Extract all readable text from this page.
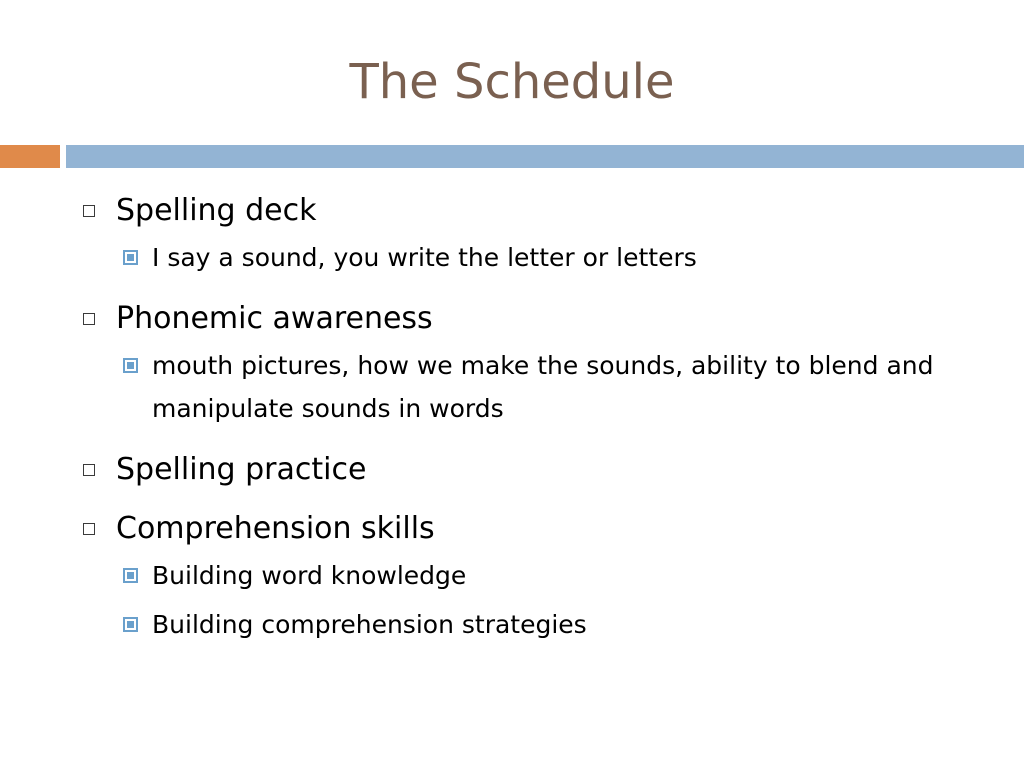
The Schedule
Spelling deck
I say a sound, you write the letter or letters
Phonemic awareness
mouth pictures, how we make the sounds, ability to blend and manipulate sounds in words
Spelling practice
Comprehension skills
Building word knowledge
Building comprehension strategies
